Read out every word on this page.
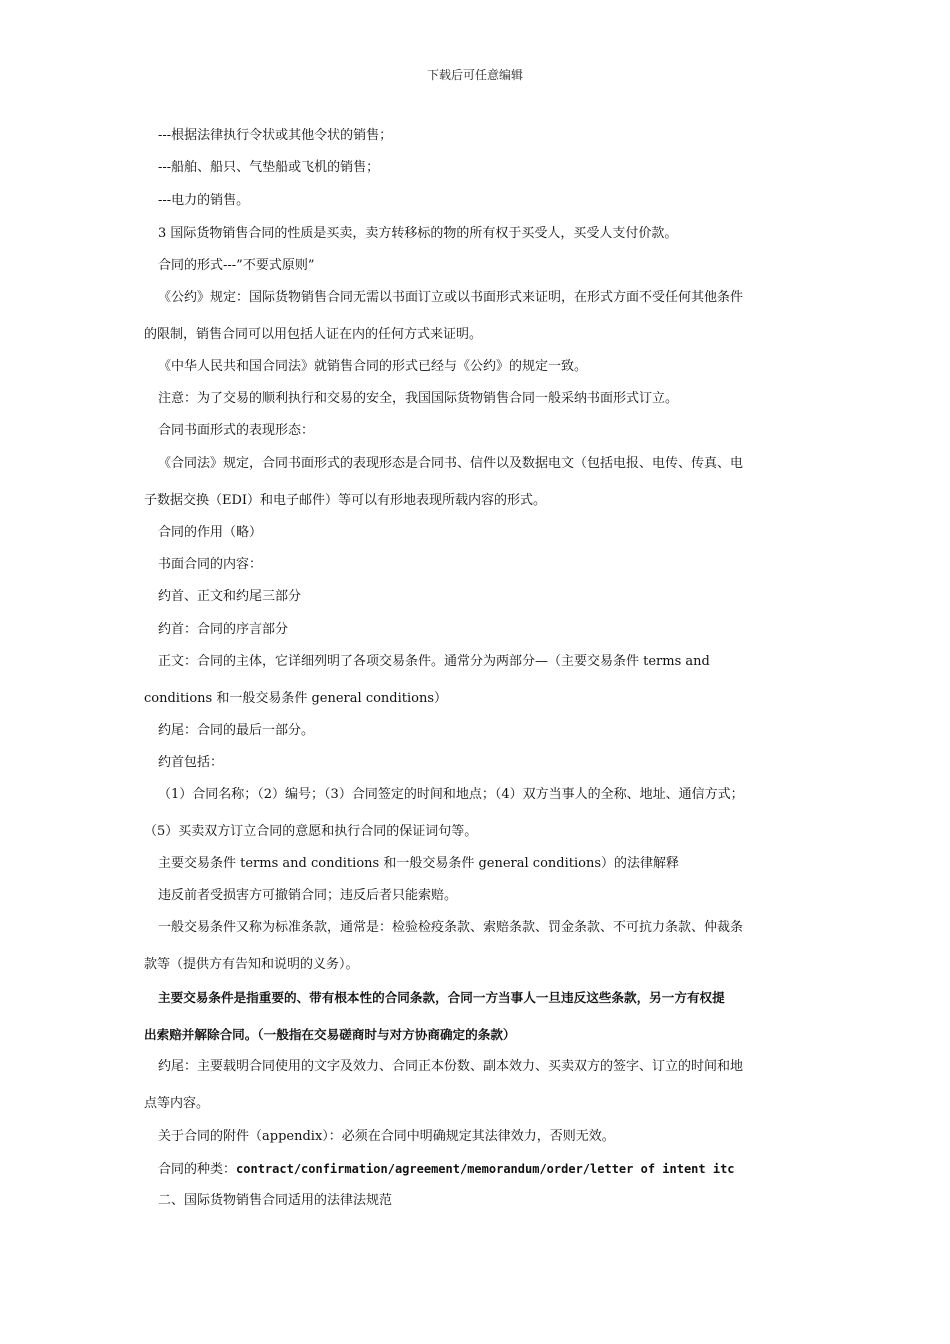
下载后可任意编辑
---根据法律执行令状或其他令状的销售；
---船舶、船只、气垫船或飞机的销售；
---电力的销售。
3 国际货物销售合同的性质是买卖，卖方转移标的物的所有权于买受人，买受人支付价款。
合同的形式---”不要式原则”
《公约》规定：国际货物销售合同无需以书面订立或以书面形式来证明，在形式方面不受任何其他条件
的限制，销售合同可以用包括人证在内的任何方式来证明。
《中华人民共和国合同法》就销售合同的形式已经与《公约》的规定一致。
注意：为了交易的顺利执行和交易的安全，我国国际货物销售合同一般采纳书面形式订立。
合同书面形式的表现形态：
《合同法》规定，合同书面形式的表现形态是合同书、信件以及数据电文（包括电报、电传、传真、电
子数据交换（EDI）和电子邮件）等可以有形地表现所载内容的形式。
合同的作用（略）
书面合同的内容：
约首、正文和约尾三部分
约首：合同的序言部分
正文：合同的主体，它详细列明了各项交易条件。通常分为两部分—（主要交易条件 terms and
conditions 和一般交易条件 general conditions）
约尾：合同的最后一部分。
约首包括：
（1）合同名称；（2）编号；（3）合同签定的时间和地点；（4）双方当事人的全称、地址、通信方式；
（5）买卖双方订立合同的意愿和执行合同的保证词句等。
主要交易条件 terms and conditions 和一般交易条件 general conditions）的法律解释
违反前者受损害方可撤销合同；违反后者只能索赔。
一般交易条件又称为标准条款，通常是：检验检疫条款、索赔条款、罚金条款、不可抗力条款、仲裁条
款等（提供方有告知和说明的义务）。
主要交易条件是指重要的、带有根本性的合同条款，合同一方当事人一旦违反这些条款，另一方有权提
出索赔并解除合同。（一般指在交易磋商时与对方协商确定的条款）
约尾：主要载明合同使用的文字及效力、合同正本份数、副本效力、买卖双方的签字、订立的时间和地
点等内容。
关于合同的附件（appendix）：必须在合同中明确规定其法律效力，否则无效。
合同的种类：contract/confirmation/agreement/memorandum/order/letter of intent itc
二、国际货物销售合同适用的法律法规范
